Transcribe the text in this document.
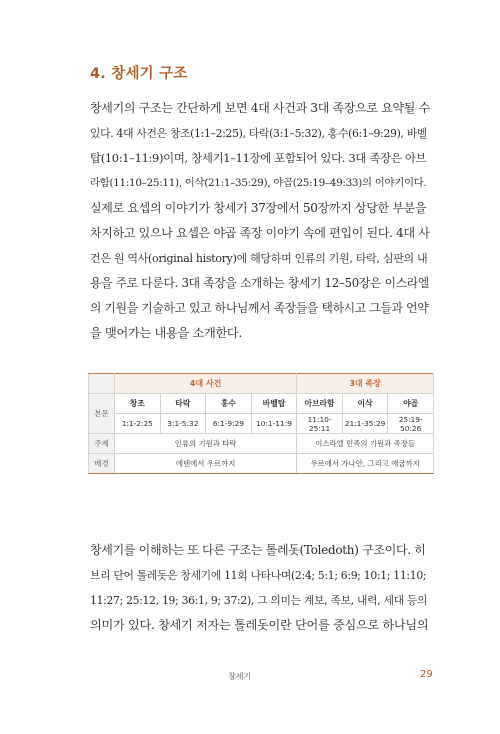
4. 창세기 구조
창세기의 구조는 간단하게 보면 4대 사건과 3대 족장으로 요약될 수
있다. 4대 사건은 창조(1:1–2:25), 타락(3:1–5:32), 홍수(6:1–9:29), 바벨
탑(10:1–11:9)이며, 창세기1–11장에 포함되어 있다. 3대 족장은 아브
라함(11:10–25:11), 이삭(21:1–35:29), 야곱(25:19–49:33)의 이야기이다.
실제로 요셉의 이야기가 창세기 37장에서 50장까지 상당한 부분을
차지하고 있으나 요셉은 야곱 족장 이야기 속에 편입이 된다. 4대 사
건은 원 역사(original history)에 해당하며 인류의 기원, 타락, 심판의 내
용을 주로 다룬다. 3대 족장을 소개하는 창세기 12–50장은 이스라엘
의 기원을 기술하고 있고 하나님께서 족장들을 택하시고 그들과 언약
을 맺어가는 내용을 소개한다.
	4대 사건				3대 족장		
본문	창조	타락	홍수	바벨탑	아브라함	이삭	야곱
	1:1-2:25	3:1-5:32	6:1-9:29	10:1-11:9	11:10-25:11	21:1-35:29	25:19-50:26
주제	인류의 기원과 타락				이스라엘 민족의 기원과 족장들		
배경	에덴에서 우르까지				우르에서 가나안, 그리고 애굽까지		
창세기를 이해하는 또 다른 구조는 톨레돗(Toledoth) 구조이다. 히
브리 단어 톨레돗은 창세기에 11회 나타나며(2:4; 5:1; 6:9; 10:1; 11:10;
11:27; 25:12, 19; 36:1, 9; 37:2), 그 의미는 계보, 족보, 내력, 세대 등의
의미가 있다. 창세기 저자는 톨레돗이란 단어를 중심으로 하나님의
창세기	29
